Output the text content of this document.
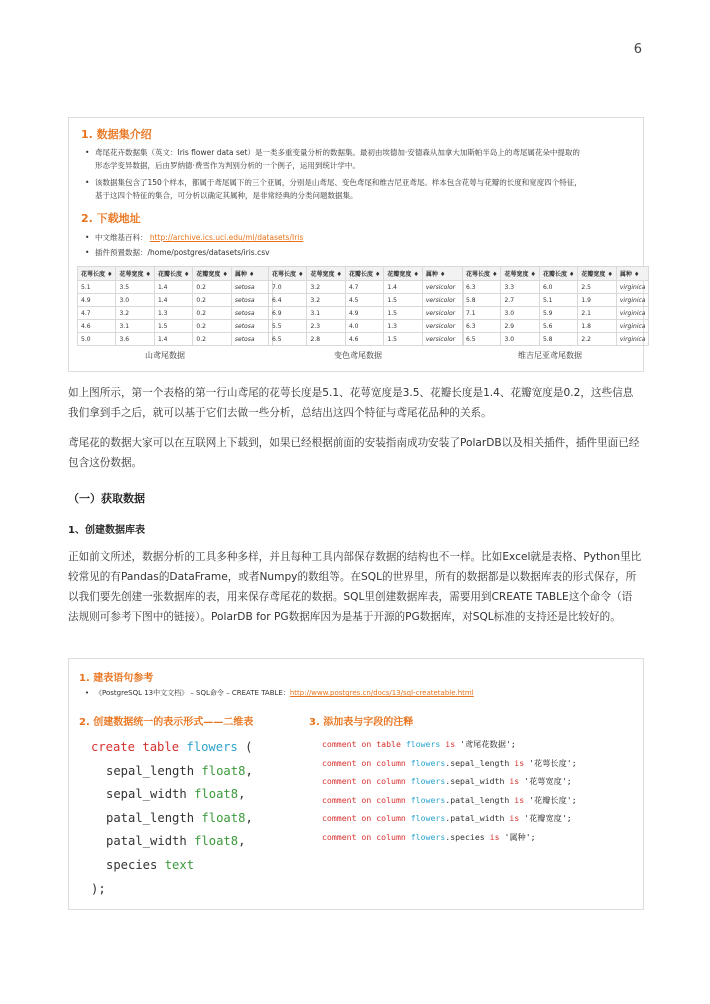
6
1. 数据集介绍
• 鸢尾花卉数据集（英文：Iris flower data set）是一类多重变量分析的数据集。最初由埃德加·安德森从加拿大加斯帕半岛上的鸢尾属花朵中提取的
形态学变异数据，后由罗纳德·费雪作为判别分析的一个例子，运用到统计学中。
• 该数据集包含了150个样本，都属于鸢尾属下的三个亚属，分别是山鸢尾、变色鸢尾和维吉尼亚鸢尾。样本包含花萼与花瓣的长度和宽度四个特征，
基于这四个特征的集合，可分析以确定其属种，是非常经典的分类问题数据集。
2. 下载地址
• 中文维基百科： http://archive.ics.uci.edu/ml/datasets/Iris
• 插件预置数据：/home/postgres/datasets/iris.csv
花萼长度 ♦	花萼宽度 ♦	花瓣长度 ♦	花瓣宽度 ♦	属种 ♦
5.1	3.5	1.4	0.2	setosa
4.9	3.0	1.4	0.2	setosa
4.7	3.2	1.3	0.2	setosa
4.6	3.1	1.5	0.2	setosa
5.0	3.6	1.4	0.2	setosa
花萼长度 ♦	花萼宽度 ♦	花瓣长度 ♦	花瓣宽度 ♦	属种 ♦
7.0	3.2	4.7	1.4	versicolor
6.4	3.2	4.5	1.5	versicolor
6.9	3.1	4.9	1.5	versicolor
5.5	2.3	4.0	1.3	versicolor
6.5	2.8	4.6	1.5	versicolor
花萼长度 ♦	花萼宽度 ♦	花瓣长度 ♦	花瓣宽度 ♦	属种 ♦
6.3	3.3	6.0	2.5	virginica
5.8	2.7	5.1	1.9	virginica
7.1	3.0	5.9	2.1	virginica
6.3	2.9	5.6	1.8	virginica
6.5	3.0	5.8	2.2	virginica
山鸢尾数据	变色鸢尾数据	维吉尼亚鸢尾数据
如上图所示，第一个表格的第一行山鸢尾的花萼长度是5.1、花萼宽度是3.5、花瓣长度是1.4、花瓣宽度是0.2，这些信息我们拿到手之后，就可以基于它们去做一些分析，总结出这四个特征与鸢尾花品种的关系。
鸢尾花的数据大家可以在互联网上下载到，如果已经根据前面的安装指南成功安装了PolarDB以及相关插件，插件里面已经包含这份数据。
（一）获取数据
1、创建数据库表
正如前文所述，数据分析的工具多种多样，并且每种工具内部保存数据的结构也不一样。比如Excel就是表格、Python里比较常见的有Pandas的DataFrame，或者Numpy的数组等。在SQL的世界里，所有的数据都是以数据库表的形式保存，所以我们要先创建一张数据库的表，用来保存鸢尾花的数据。SQL里创建数据库表，需要用到CREATE TABLE这个命令（语法规则可参考下图中的链接）。PolarDB for PG数据库因为是基于开源的PG数据库，对SQL标准的支持还是比较好的。
1. 建表语句参考
• 《PostgreSQL 13中文文档》 – SQL命令 – CREATE TABLE：http://www.postgres.cn/docs/13/sql-createtable.html
2. 创建数据统一的表示形式——二维表	3. 添加表与字段的注释
create table flowers (
sepal_length float8,
sepal_width float8,
patal_length float8,
patal_width float8,
species text
);
comment on table flowers is '鸢尾花数据';
comment on column flowers.sepal_length is '花萼长度';
comment on column flowers.sepal_width is '花萼宽度';
comment on column flowers.patal_length is '花瓣长度';
comment on column flowers.patal_width is '花瓣宽度';
comment on column flowers.species is '属种';
